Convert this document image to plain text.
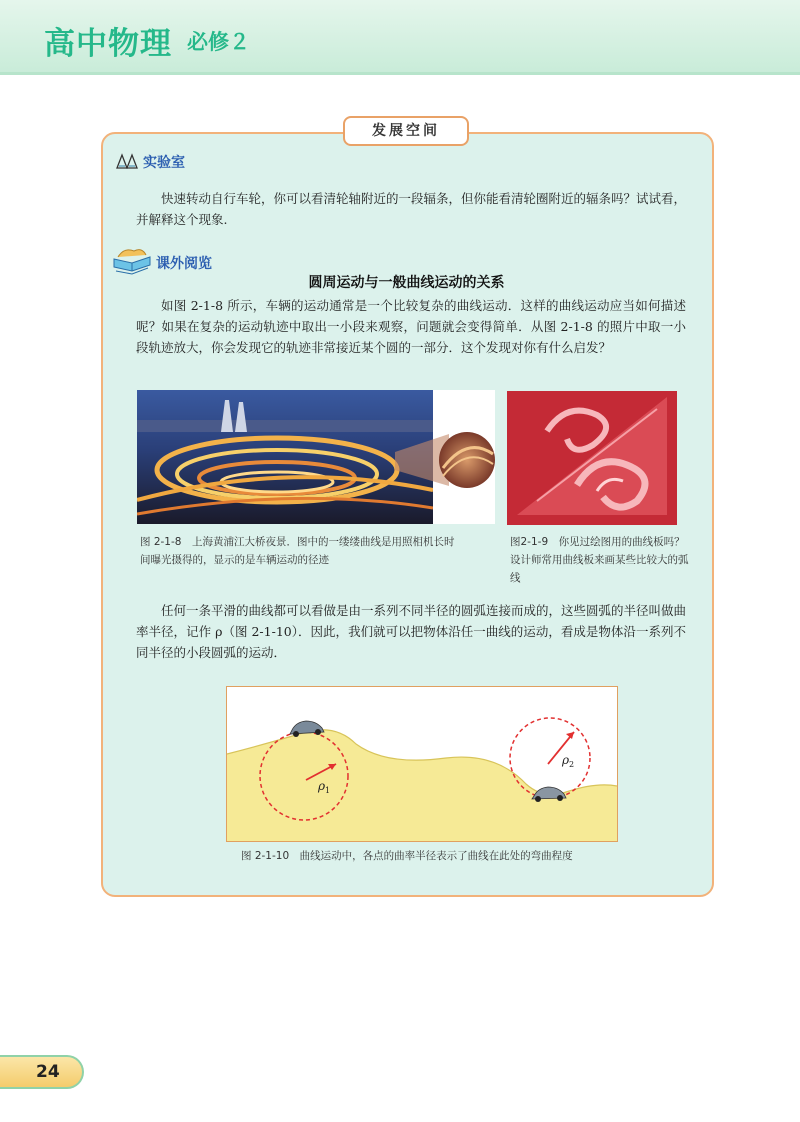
高中物理 必修２
发展空间
实验室

快速转动自行车轮，你可以看清轮轴附近的一段辐条，但你能看清轮圈附近的辐条吗？试试看，并解释这个现象.

课外阅览
圆周运动与一般曲线运动的关系

如图 2-1-8 所示，车辆的运动通常是一个比较复杂的曲线运动．这样的曲线运动应当如何描述呢？如果在复杂的运动轨迹中取出一小段来观察，问题就会变得简单．从图 2-1-8 的照片中取一小段轨迹放大，你会发现它的轨迹非常接近某个圆的一部分．这个发现对你有什么启发？

图 2-1-8　上海黄浦江大桥夜景．图中的一缕缕曲线是用照相机长时间曝光摄得的，显示的是车辆运动的径迹
图2-1-9　你见过绘图用的曲线板吗？设计师常用曲线板来画某些比较大的弧线

任何一条平滑的曲线都可以看做是由一系列不同半径的圆弧连接而成的，这些圆弧的半径叫做曲率半径，记作 ρ（图 2-1-10）．因此，我们就可以把物体沿任一曲线的运动，看成是物体沿一系列不同半径的小段圆弧的运动．

ρ 1
ρ 2
图 2-1-10　曲线运动中，各点的曲率半径表示了曲线在此处的弯曲程度
24
